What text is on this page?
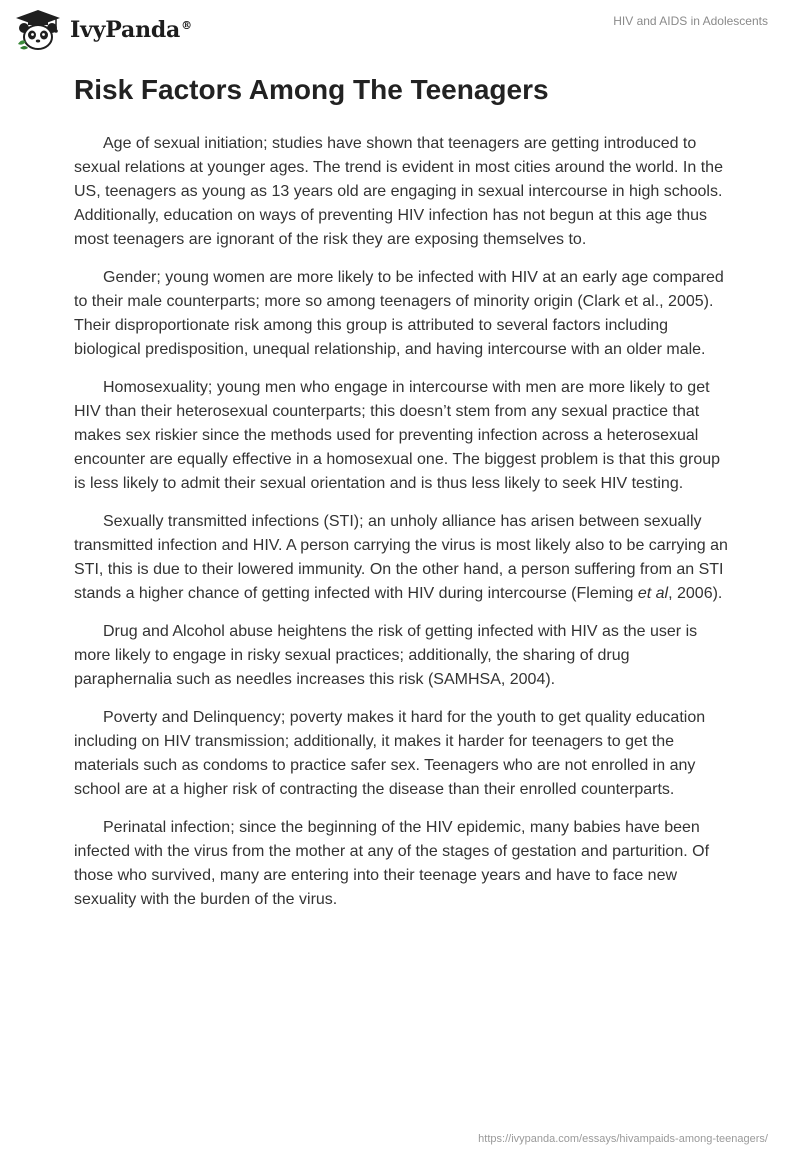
IvyPanda®	HIV and AIDS in Adolescents
Risk Factors Among The Teenagers

Age of sexual initiation; studies have shown that teenagers are getting introduced to sexual relations at younger ages. The trend is evident in most cities around the world. In the US, teenagers as young as 13 years old are engaging in sexual intercourse in high schools. Additionally, education on ways of preventing HIV infection has not begun at this age thus most teenagers are ignorant of the risk they are exposing themselves to.

Gender; young women are more likely to be infected with HIV at an early age compared to their male counterparts; more so among teenagers of minority origin (Clark et al., 2005). Their disproportionate risk among this group is attributed to several factors including biological predisposition, unequal relationship, and having intercourse with an older male.

Homosexuality; young men who engage in intercourse with men are more likely to get HIV than their heterosexual counterparts; this doesn’t stem from any sexual practice that makes sex riskier since the methods used for preventing infection across a heterosexual encounter are equally effective in a homosexual one. The biggest problem is that this group is less likely to admit their sexual orientation and is thus less likely to seek HIV testing.

Sexually transmitted infections (STI); an unholy alliance has arisen between sexually transmitted infection and HIV. A person carrying the virus is most likely also to be carrying an STI, this is due to their lowered immunity. On the other hand, a person suffering from an STI stands a higher chance of getting infected with HIV during intercourse (Fleming et al, 2006).

Drug and Alcohol abuse heightens the risk of getting infected with HIV as the user is more likely to engage in risky sexual practices; additionally, the sharing of drug paraphernalia such as needles increases this risk (SAMHSA, 2004).

Poverty and Delinquency; poverty makes it hard for the youth to get quality education including on HIV transmission; additionally, it makes it harder for teenagers to get the materials such as condoms to practice safer sex. Teenagers who are not enrolled in any school are at a higher risk of contracting the disease than their enrolled counterparts.

Perinatal infection; since the beginning of the HIV epidemic, many babies have been infected with the virus from the mother at any of the stages of gestation and parturition. Of those who survived, many are entering into their teenage years and have to face new sexuality with the burden of the virus.

https://ivypanda.com/essays/hivampaids-among-teenagers/
